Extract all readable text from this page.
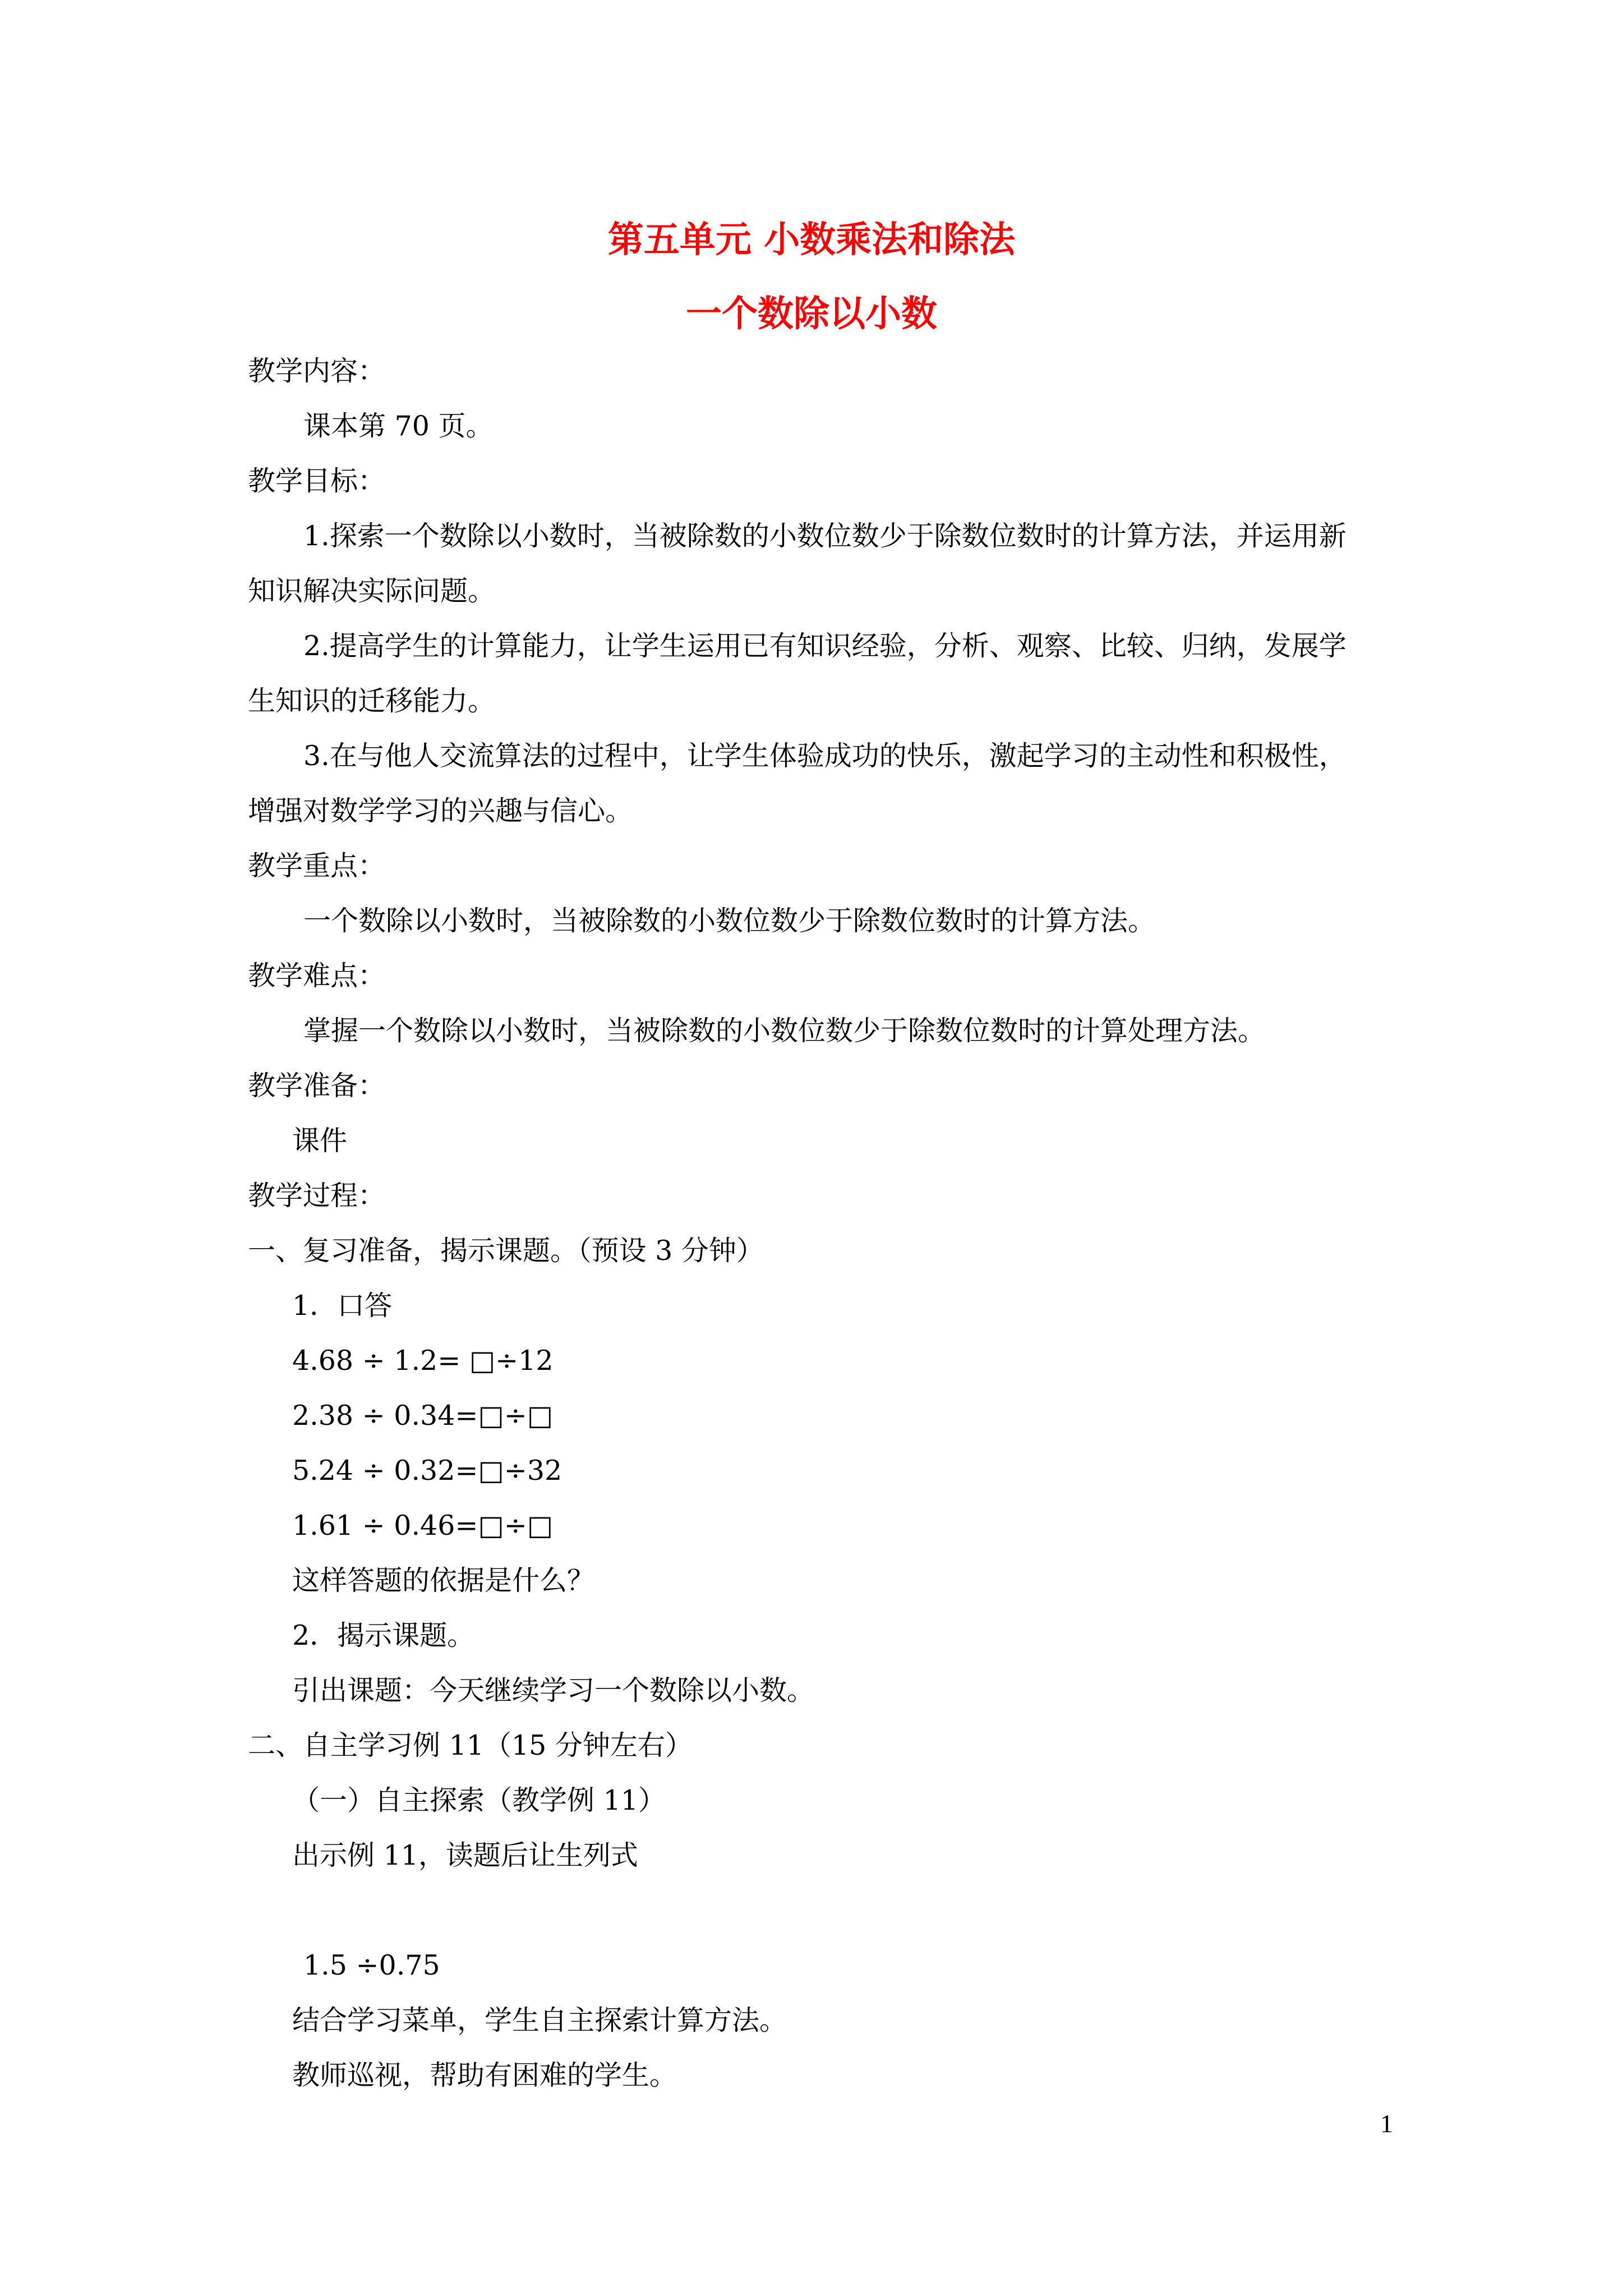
第五单元 小数乘法和除法
一个数除以小数
教学内容：
课本第 70 页。
教学目标：
1.探索一个数除以小数时，当被除数的小数位数少于除数位数时的计算方法，并运用新
知识解决实际问题。
2.提高学生的计算能力，让学生运用已有知识经验，分析、观察、比较、归纳，发展学
生知识的迁移能力。
3.在与他人交流算法的过程中，让学生体验成功的快乐，激起学习的主动性和积极性，
增强对数学学习的兴趣与信心。
教学重点：
一个数除以小数时，当被除数的小数位数少于除数位数时的计算方法。
教学难点：
掌握一个数除以小数时，当被除数的小数位数少于除数位数时的计算处理方法。
教学准备：
课件
教学过程：
一、复习准备，揭示课题。（预设 3 分钟）
1．口答
4.68 ÷ 1.2= □÷12
2.38 ÷ 0.34=□÷□
5.24 ÷ 0.32=□÷32
1.61 ÷ 0.46=□÷□
这样答题的依据是什么？
2．揭示课题。
引出课题：今天继续学习一个数除以小数。
二、自主学习例 11（15 分钟左右）
（一）自主探索（教学例 11）
出示例 11，读题后让生列式
1.5 ÷0.75
结合学习菜单，学生自主探索计算方法。
教师巡视，帮助有困难的学生。
1
